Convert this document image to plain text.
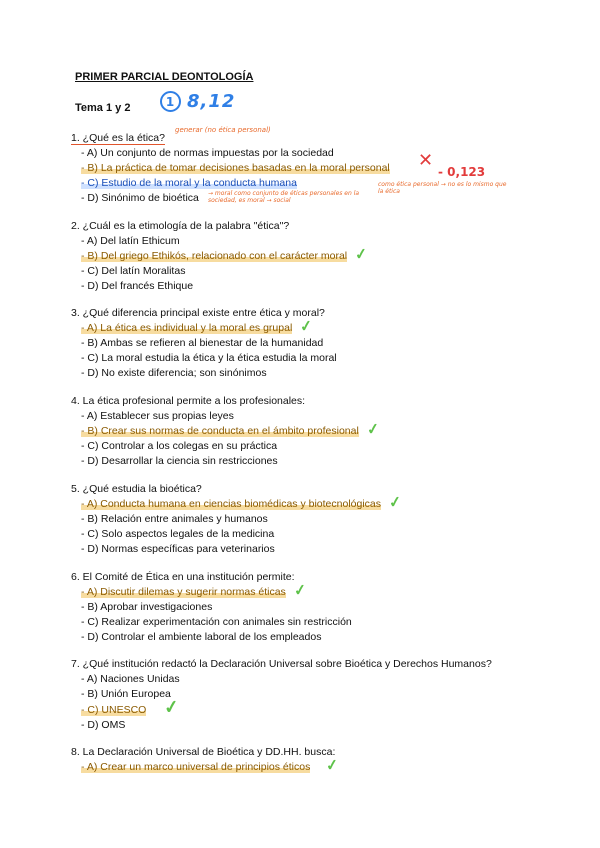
PRIMER PARCIAL DEONTOLOGÍA
Tema 1 y 2	1 8,12
1. ¿Qué es la ética?
- A) Un conjunto de normas impuestas por la sociedad
- B) La práctica de tomar decisiones basadas en la moral personal
- C) Estudio de la moral y la conducta humana
- D) Sinónimo de bioética
generar (no ética personal)
✕
- 0,123
como ética personal → no es lo mismo que la ética
→ moral como conjunto de éticas personales en la sociedad, es moral → social
2. ¿Cuál es la etimología de la palabra "ética"?
- A) Del latín Ethicum
- B) Del griego Ethikós, relacionado con el carácter moral ✓
- C) Del latín Moralitas
- D) Del francés Ethique
3. ¿Qué diferencia principal existe entre ética y moral?
- A) La ética es individual y la moral es grupal ✓
- B) Ambas se refieren al bienestar de la humanidad
- C) La moral estudia la ética y la ética estudia la moral
- D) No existe diferencia; son sinónimos
4. La ética profesional permite a los profesionales:
- A) Establecer sus propias leyes
- B) Crear sus normas de conducta en el ámbito profesional ✓
- C) Controlar a los colegas en su práctica
- D) Desarrollar la ciencia sin restricciones
5. ¿Qué estudia la bioética?
- A) Conducta humana en ciencias biomédicas y biotecnológicas ✓
- B) Relación entre animales y humanos
- C) Solo aspectos legales de la medicina
- D) Normas específicas para veterinarios
6. El Comité de Ética en una institución permite:
- A) Discutir dilemas y sugerir normas éticas ✓
- B) Aprobar investigaciones
- C) Realizar experimentación con animales sin restricción
- D) Controlar el ambiente laboral de los empleados
7. ¿Qué institución redactó la Declaración Universal sobre Bioética y Derechos Humanos?
- A) Naciones Unidas
- B) Unión Europea
- C) UNESCO ✓
- D) OMS
8. La Declaración Universal de Bioética y DD.HH. busca:
- A) Crear un marco universal de principios éticos ✓
